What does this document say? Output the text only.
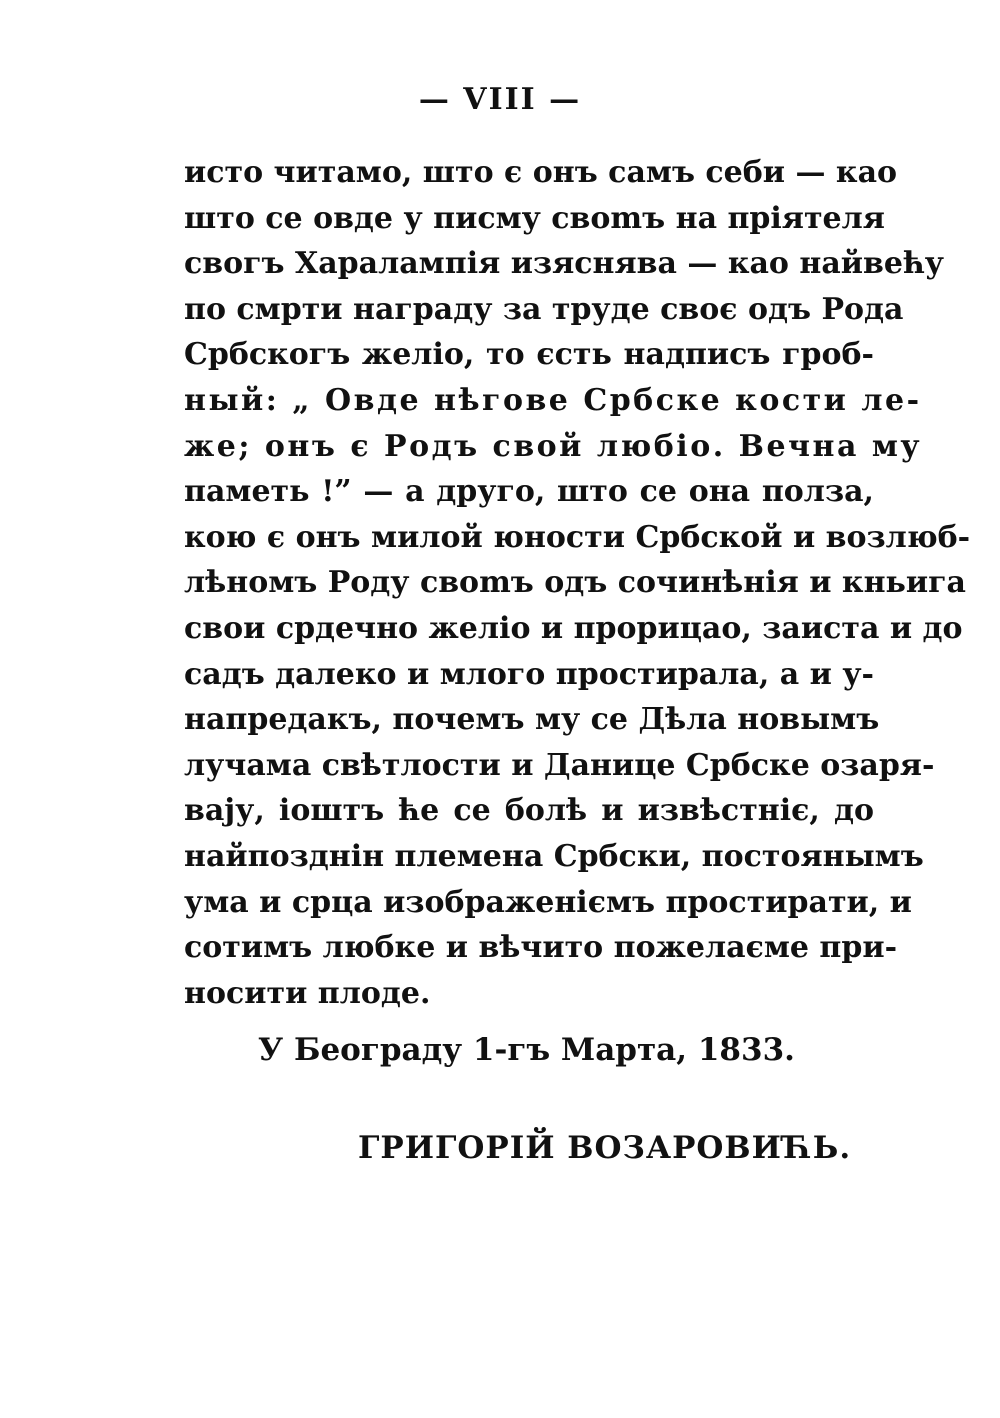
— VIII —
исто читамо, што є онъ самъ себи — као
што се овде у писму своmъ на пріятеля
свогъ Харалампія изяснява — као найвећу
по смрти награду за труде своє одъ Рода
Србскогъ желіо, то єсть надписъ гроб-
ный: „ Овде нѣгове Србске кости ле-
же; онъ є Родъ свой любіо. Вечна му
паметь !” — а друго, што се она полза,
кою є онъ милой юности Србской и возлюб-
лѣномъ Роду своmъ одъ сочинѣнія и кньига
свои срдечно желіо и прорицао, заиста и до
садъ далеко и млого простирала, а и у-
напредакъ, почемъ му се Дѣла новымъ
лучама свѣтлости и Данице Србске озаря-
вају, іоштъ ће се болѣ и извѣстніє, до
найпозднін племена Србски, постоянымъ
ума и срца изображеніємъ простирати, и
сотимъ любке и вѣчито пожелаєме при-
носити плоде.
У Београду 1-гъ Марта, 1833.
ГРИГОРІЙ ВОЗАРОВИЋЬ.
